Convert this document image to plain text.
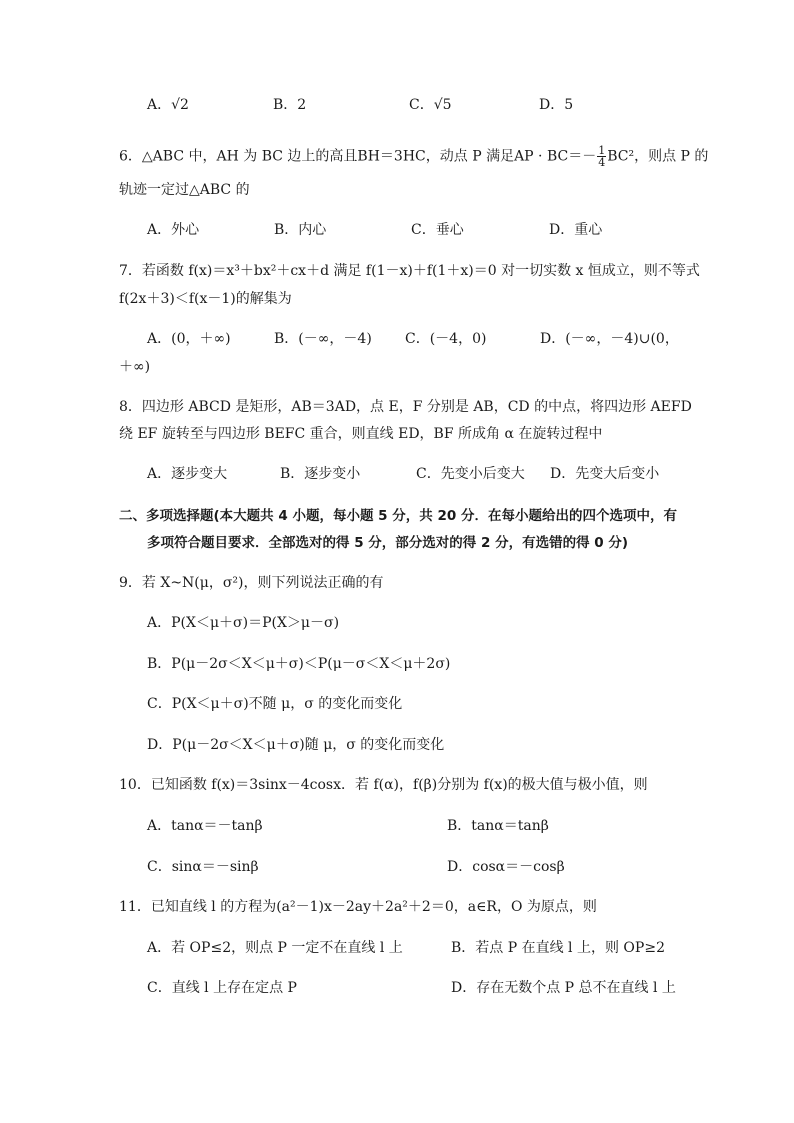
A．√2	B．2	C．√5	D．5
6．△ABC 中，AH 为 BC 边上的高且BH＝3HC，动点 P 满足AP · $BC=- \frac{1}{4} BC^2$，则点 P 的
轨迹一定过△ABC 的
A．外心	B．内心	C．垂心	D．重心
7．若函数 f(x)＝x³＋bx²＋cx＋d 满足 f(1－x)＋f(1＋x)＝0 对一切实数 x 恒成立，则不等式
f(2x＋3)＜f(x－1)的解集为
A．(0，＋∞)	B．(－∞，－4) C．(－4，0)	D．(－∞，－4)∪(0，
＋∞)
8．四边形 ABCD 是矩形，AB＝3AD，点 E，F 分别是 AB，CD 的中点，将四边形 AEFD
绕 EF 旋转至与四边形 BEFC 重合，则直线 ED，BF 所成角 α 在旋转过程中
A．逐步变大	B．逐步变小	C．先变小后变大 D．先变大后变小
二、多项选择题(本大题共 4 小题，每小题 5 分，共 20 分．在每小题给出的四个选项中，有
多项符合题目要求．全部选对的得 5 分，部分选对的得 2 分，有选错的得 0 分)
9．若 X~N(μ，σ²)，则下列说法正确的有
A．P(X＜μ＋σ)＝P(X＞μ－σ)
B．P(μ－2σ＜X＜μ＋σ)＜P(μ－σ＜X＜μ＋2σ)
C．P(X＜μ＋σ)不随 μ，σ 的变化而变化
D．P(μ－2σ＜X＜μ＋σ)随 μ，σ 的变化而变化
10．已知函数 f(x)＝3sinx－4cosx．若 f(α)，f(β)分别为 f(x)的极大值与极小值，则
A．tanα＝－tanβ	B．tanα＝tanβ
C．sinα＝－sinβ	D．cosα＝－cosβ
11．已知直线 l 的方程为(a²－1)x－2ay＋2a²＋2＝0，a∈R，O 为原点，则
A．若 OP≤2，则点 P 一定不在直线 l 上	B．若点 P 在直线 l 上，则 OP≥2
C．直线 l 上存在定点 P	D．存在无数个点 P 总不在直线 l 上
